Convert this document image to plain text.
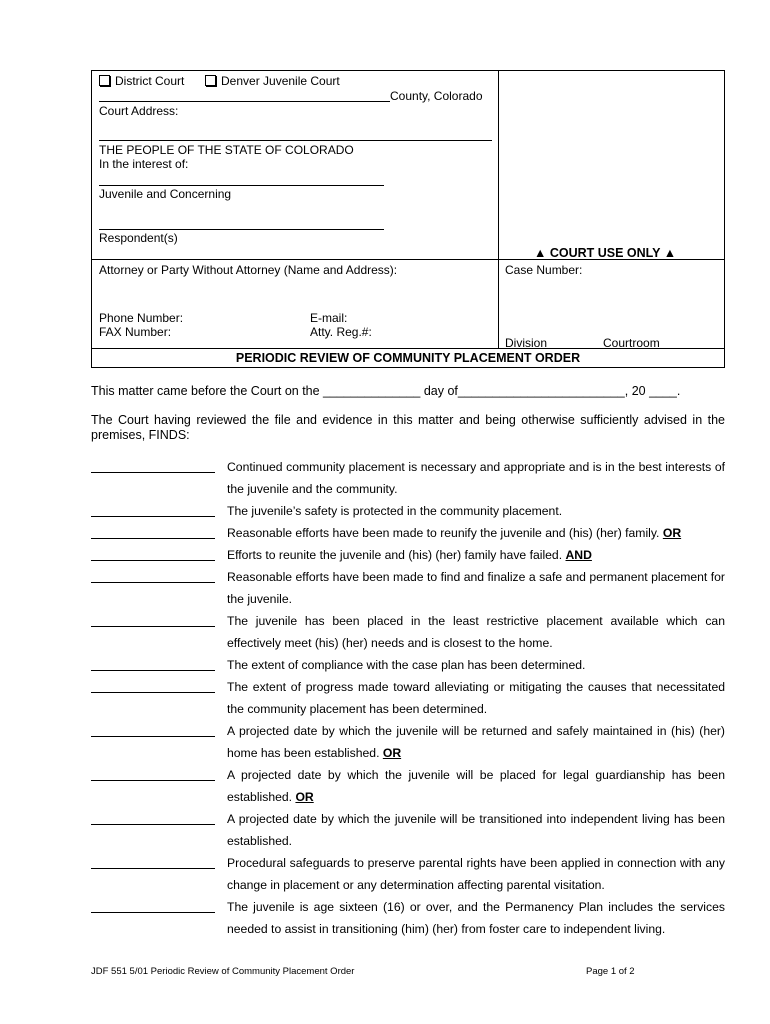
District Court	Denver Juvenile Court
County, Colorado
Court Address:
THE PEOPLE OF THE STATE OF COLORADO
In the interest of:
Juvenile and Concerning
Respondent(s)
▲ COURT USE ONLY ▲
Attorney or Party Without Attorney (Name and Address):
Phone Number:
FAX Number:
E-mail:
Atty. Reg.#:
Case Number:
Division	Courtroom
PERIODIC REVIEW OF COMMUNITY PLACEMENT ORDER
This matter came before the Court on the ______________ day of________________________, 20 ____.
The Court having reviewed the file and evidence in this matter and being otherwise sufficiently advised in the premises, FINDS:
Continued community placement is necessary and appropriate and is in the best interests of the juvenile and the community.
The juvenile’s safety is protected in the community placement.
Reasonable efforts have been made to reunify the juvenile and (his) (her) family. OR
Efforts to reunite the juvenile and (his) (her) family have failed. AND
Reasonable efforts have been made to find and finalize a safe and permanent placement for the juvenile.
The juvenile has been placed in the least restrictive placement available which can effectively meet (his) (her) needs and is closest to the home.
The extent of compliance with the case plan has been determined.
The extent of progress made toward alleviating or mitigating the causes that necessitated the community placement has been determined.
A projected date by which the juvenile will be returned and safely maintained in (his) (her) home has been established. OR
A projected date by which the juvenile will be placed for legal guardianship has been established. OR
A projected date by which the juvenile will be transitioned into independent living has been established.
Procedural safeguards to preserve parental rights have been applied in connection with any change in placement or any determination affecting parental visitation.
The juvenile is age sixteen (16) or over, and the Permanency Plan includes the services needed to assist in transitioning (him) (her) from foster care to independent living.
JDF 551 5/01 Periodic Review of Community Placement Order	Page 1 of 2
